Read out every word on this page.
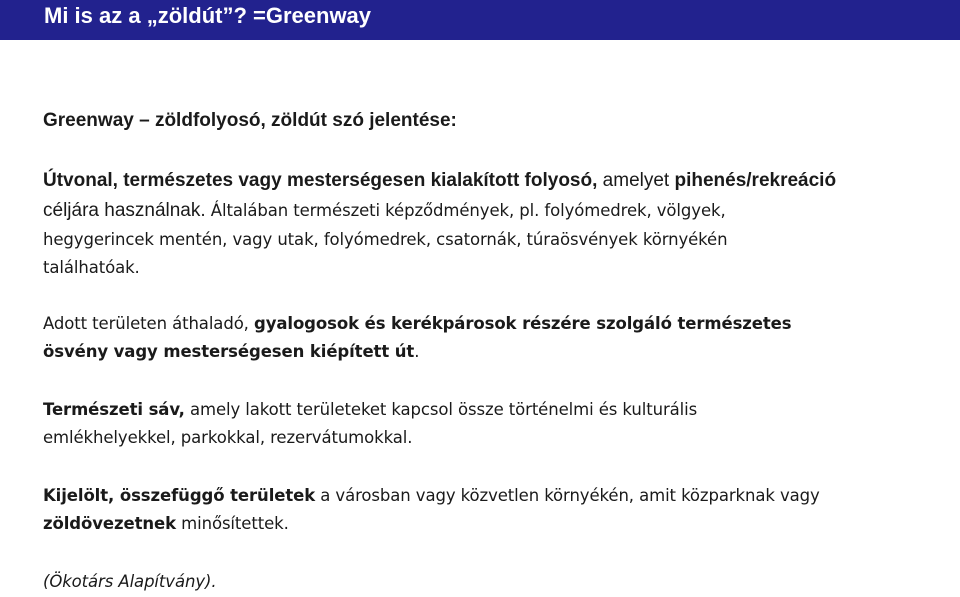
Mi is az a „zöldút”? =Greenway
Greenway – zöldfolyosó, zöldút szó jelentése:
Útvonal, természetes vagy mesterségesen kialakított folyosó, amelyet pihenés/rekreáció
céljára használnak. Általában természeti képződmények, pl. folyómedrek, völgyek,
hegygerincek mentén, vagy utak, folyómedrek, csatornák, túraösvények környékén
találhatóak.
Adott területen áthaladó, gyalogosok és kerékpárosok részére szolgáló természetes
ösvény vagy mesterségesen kiépített út.
Természeti sáv, amely lakott területeket kapcsol össze történelmi és kulturális
emlékhelyekkel, parkokkal, rezervátumokkal.
Kijelölt, összefüggő területek a városban vagy közvetlen környékén, amit közparknak vagy
zöldövezetnek minősítettek.
(Ökotárs Alapítvány).
